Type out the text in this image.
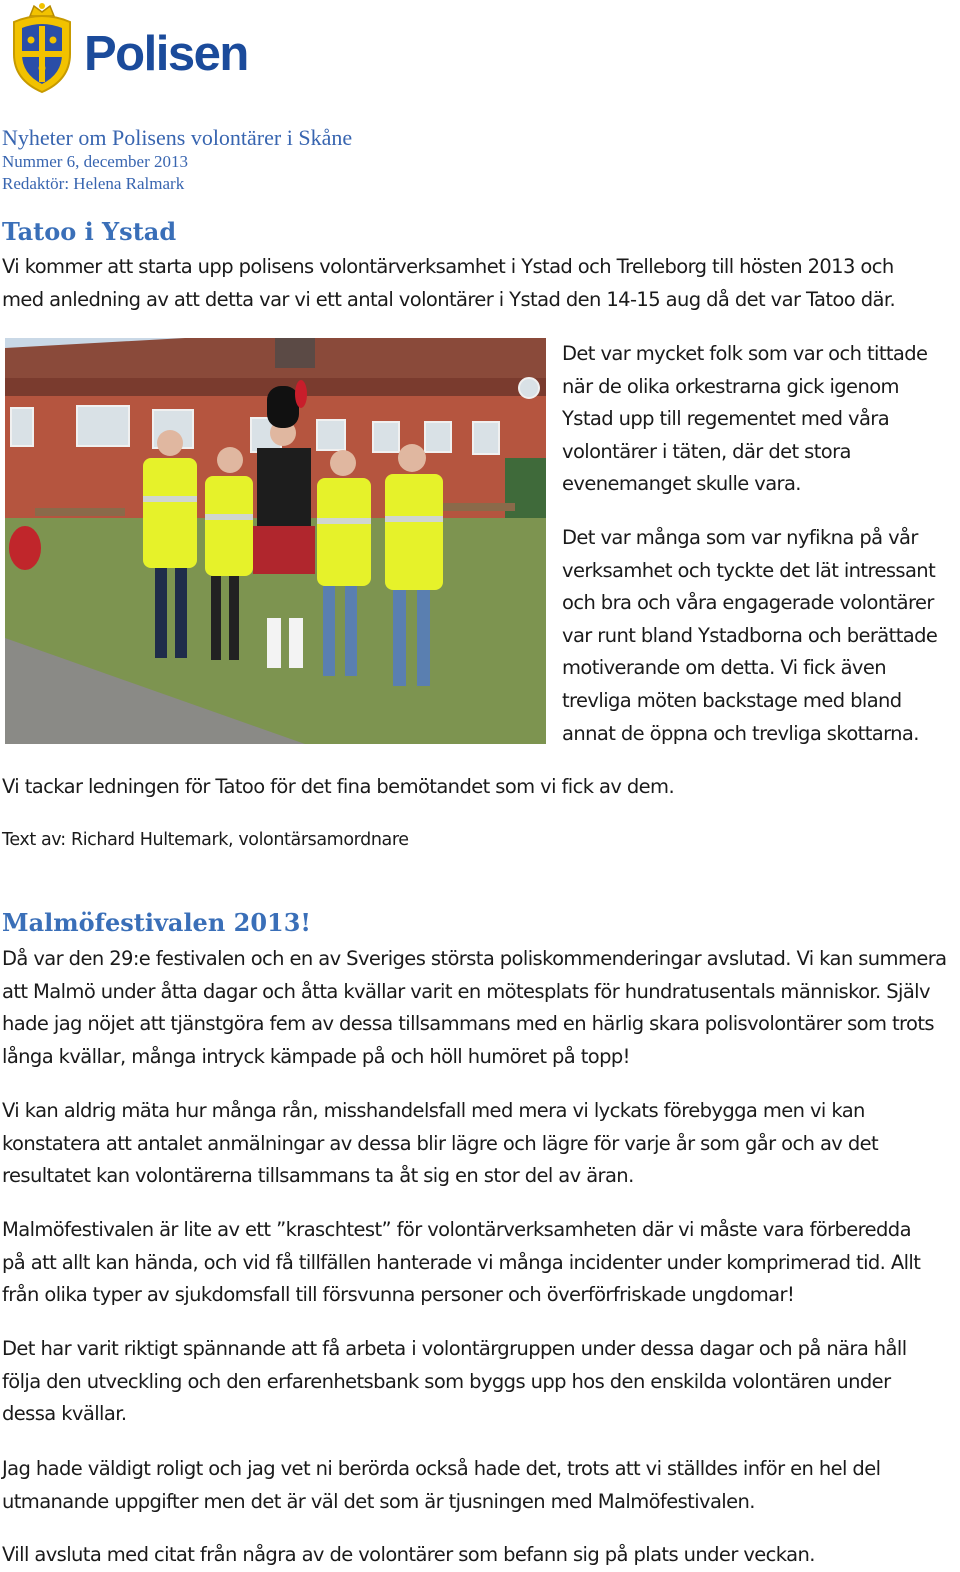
Polisen
Nyheter om Polisens volontärer i Skåne
Nummer 6, december 2013
Redaktör: Helena Ralmark
Tatoo i Ystad
Vi kommer att starta upp polisens volontärverksamhet i Ystad och Trelleborg till hösten 2013 och
med anledning av att detta var vi ett antal volontärer i Ystad den 14-15 aug då det var Tatoo där.
Det var mycket folk som var och tittade
när de olika orkestrarna gick igenom
Ystad upp till regementet med våra
volontärer i täten, där det stora
evenemanget skulle vara.
Det var många som var nyfikna på vår
verksamhet och tyckte det lät intressant
och bra och våra engagerade volontärer
var runt bland Ystadborna och berättade
motiverande om detta. Vi fick även
trevliga möten backstage med bland
annat de öppna och trevliga skottarna.
Vi tackar ledningen för Tatoo för det fina bemötandet som vi fick av dem.
Text av: Richard Hultemark, volontärsamordnare
Malmöfestivalen 2013!
Då var den 29:e festivalen och en av Sveriges största poliskommenderingar avslutad. Vi kan summera
att Malmö under åtta dagar och åtta kvällar varit en mötesplats för hundratusentals människor. Själv
hade jag nöjet att tjänstgöra fem av dessa tillsammans med en härlig skara polisvolontärer som trots
långa kvällar, många intryck kämpade på och höll humöret på topp!
Vi kan aldrig mäta hur många rån, misshandelsfall med mera vi lyckats förebygga men vi kan
konstatera att antalet anmälningar av dessa blir lägre och lägre för varje år som går och av det
resultatet kan volontärerna tillsammans ta åt sig en stor del av äran.
Malmöfestivalen är lite av ett ”kraschtest” för volontärverksamheten där vi måste vara förberedda
på att allt kan hända, och vid få tillfällen hanterade vi många incidenter under komprimerad tid. Allt
från olika typer av sjukdomsfall till försvunna personer och överförfriskade ungdomar!
Det har varit riktigt spännande att få arbeta i volontärgruppen under dessa dagar och på nära håll
följa den utveckling och den erfarenhetsbank som byggs upp hos den enskilda volontären under
dessa kvällar.
Jag hade väldigt roligt och jag vet ni berörda också hade det, trots att vi ställdes inför en hel del
utmanande uppgifter men det är väl det som är tjusningen med Malmöfestivalen.
Vill avsluta med citat från några av de volontärer som befann sig på plats under veckan.
